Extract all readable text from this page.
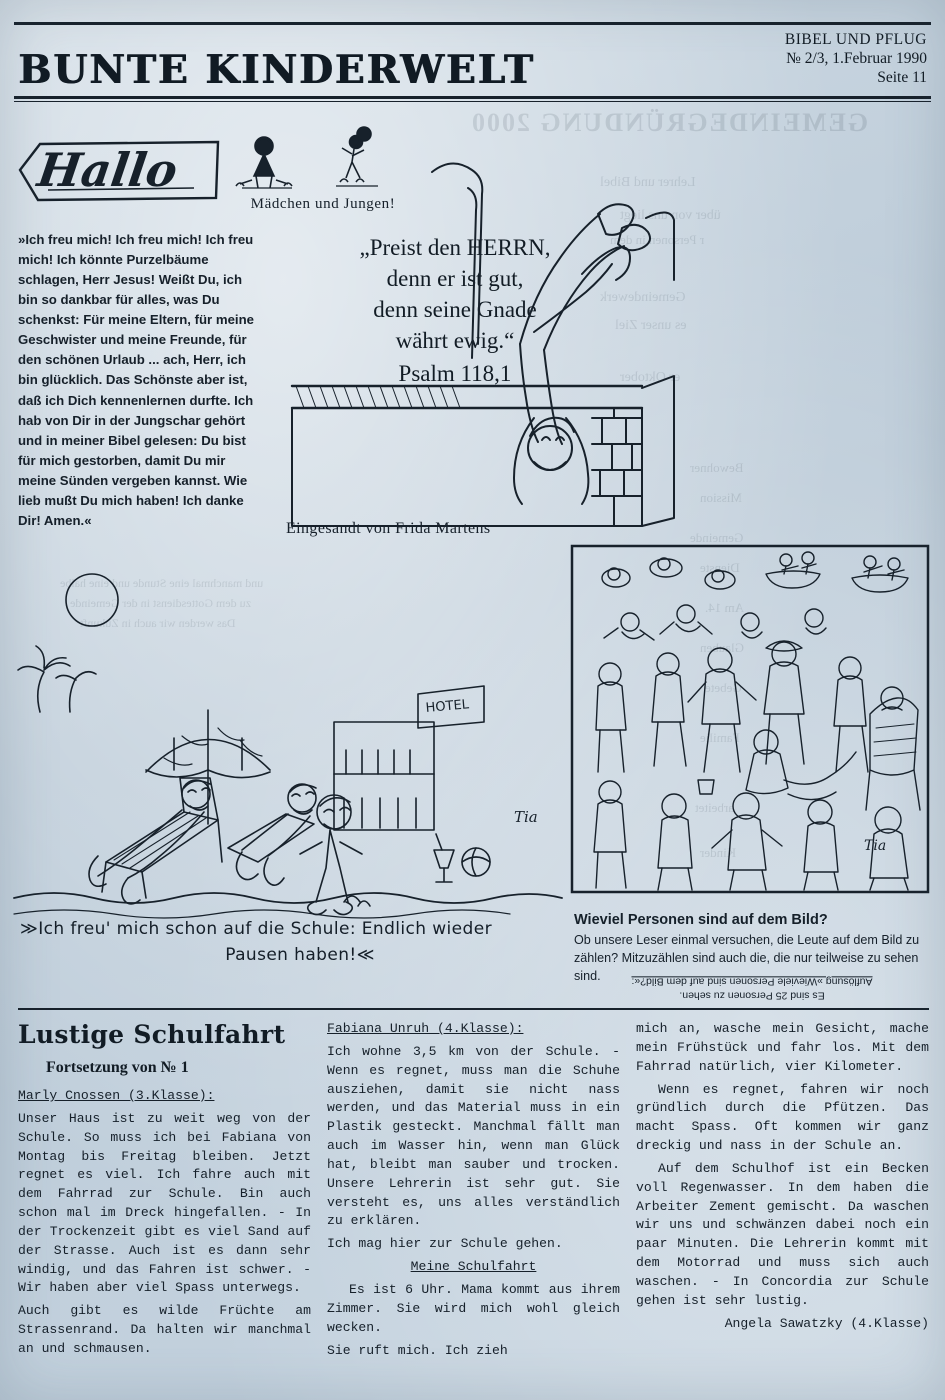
GEMEINDEGRÜNDUNG 2000
Lehrer und Bibel
über von uns liegt
r Personen in dem
Gemeindewerk
es unser Ziel
er Oktober
Bewohner
Mission
Gemeinde
Dienste
Am 14.
Glauben
Gebete
Familie
arbeitet
Kinder
und manchmal eine Stunde und eine halbe
zu dem Gottesdienst in der Gemeinde
Das werden wir auch in Zukunft
BUNTE KINDERWELT
BIBEL UND PFLUG
№ 2/3, 1.Februar 1990
Seite 11
Hallo
Mädchen und Jungen!
»Ich freu mich! Ich freu mich! Ich freu mich! Ich könnte Purzelbäume schlagen, Herr Jesus! Weißt Du, ich bin so dankbar für alles, was Du schenkst: Für meine Eltern, für meine Geschwister und meine Freunde, für den schönen Urlaub ... ach, Herr, ich bin glücklich. Das Schönste aber ist, daß ich Dich kennenlernen durfte. Ich hab von Dir in der Jungschar gehört und in meiner Bibel gelesen: Du bist für mich gestorben, damit Du mir meine Sünden vergeben kannst. Wie lieb mußt Du mich haben! Ich danke Dir! Amen.«
„Preist den HERRN,
denn er ist gut,
denn seine Gnade
währt ewig.“
Psalm 118,1
Eingesandt von Frida Martens
HOTEL
Tia
Tia
Wieviel Personen sind auf dem Bild?
Ob unsere Leser einmal versuchen, die Leute auf dem Bild zu zählen? Mitzuzählen sind auch die, die nur teilweise zu sehen sind.
Es sind 25 Personen zu sehen.
Auflösung »Wieviele Personen sind auf dem Bild?«:
≫Ich freu' mich schon auf die Schule: Endlich wieder
Pausen haben!≪
Lustige Schulfahrt
Fortsetzung von № 1

Marly Cnossen (3.Klasse):

Unser Haus ist zu weit weg von der Schule. So muss ich bei Fabiana von Montag bis Freitag bleiben. Jetzt regnet es viel. Ich fahre auch mit dem Fahrrad zur Schule. Bin auch schon mal im Dreck hingefallen. - In der Trockenzeit gibt es viel Sand auf der Strasse. Auch ist es dann sehr windig, und das Fahren ist schwer. - Wir haben aber viel Spass unterwegs.

Auch gibt es wilde Früchte am Strassenrand. Da halten wir manchmal an und schmausen.

Fabiana Unruh (4.Klasse):

Ich wohne 3,5 km von der Schule. - Wenn es regnet, muss man die Schuhe ausziehen, damit sie nicht nass werden, und das Material muss in ein Plastik gesteckt. Manchmal fällt man auch im Wasser hin, wenn man Glück hat, bleibt man sauber und trocken. Unsere Lehrerin ist sehr gut. Sie versteht es, uns alles verständlich zu erklären.

Ich mag hier zur Schule gehen.

Meine Schulfahrt

Es ist 6 Uhr. Mama kommt aus ihrem Zimmer. Sie wird mich wohl gleich wecken.

Sie ruft mich. Ich zieh

mich an, wasche mein Gesicht, mache mein Frühstück und fahr los. Mit dem Fahrrad natürlich, vier Kilometer.

Wenn es regnet, fahren wir noch gründlich durch die Pfützen. Das macht Spass. Oft kommen wir ganz dreckig und nass in der Schule an.

Auf dem Schulhof ist ein Becken voll Regenwasser. In dem haben die Arbeiter Zement gemischt. Da waschen wir uns und schwänzen dabei noch ein paar Minuten. Die Lehrerin kommt mit dem Motorrad und muss sich auch waschen. - In Concordia zur Schule gehen ist sehr lustig.

Angela Sawatzky (4.Klasse)
